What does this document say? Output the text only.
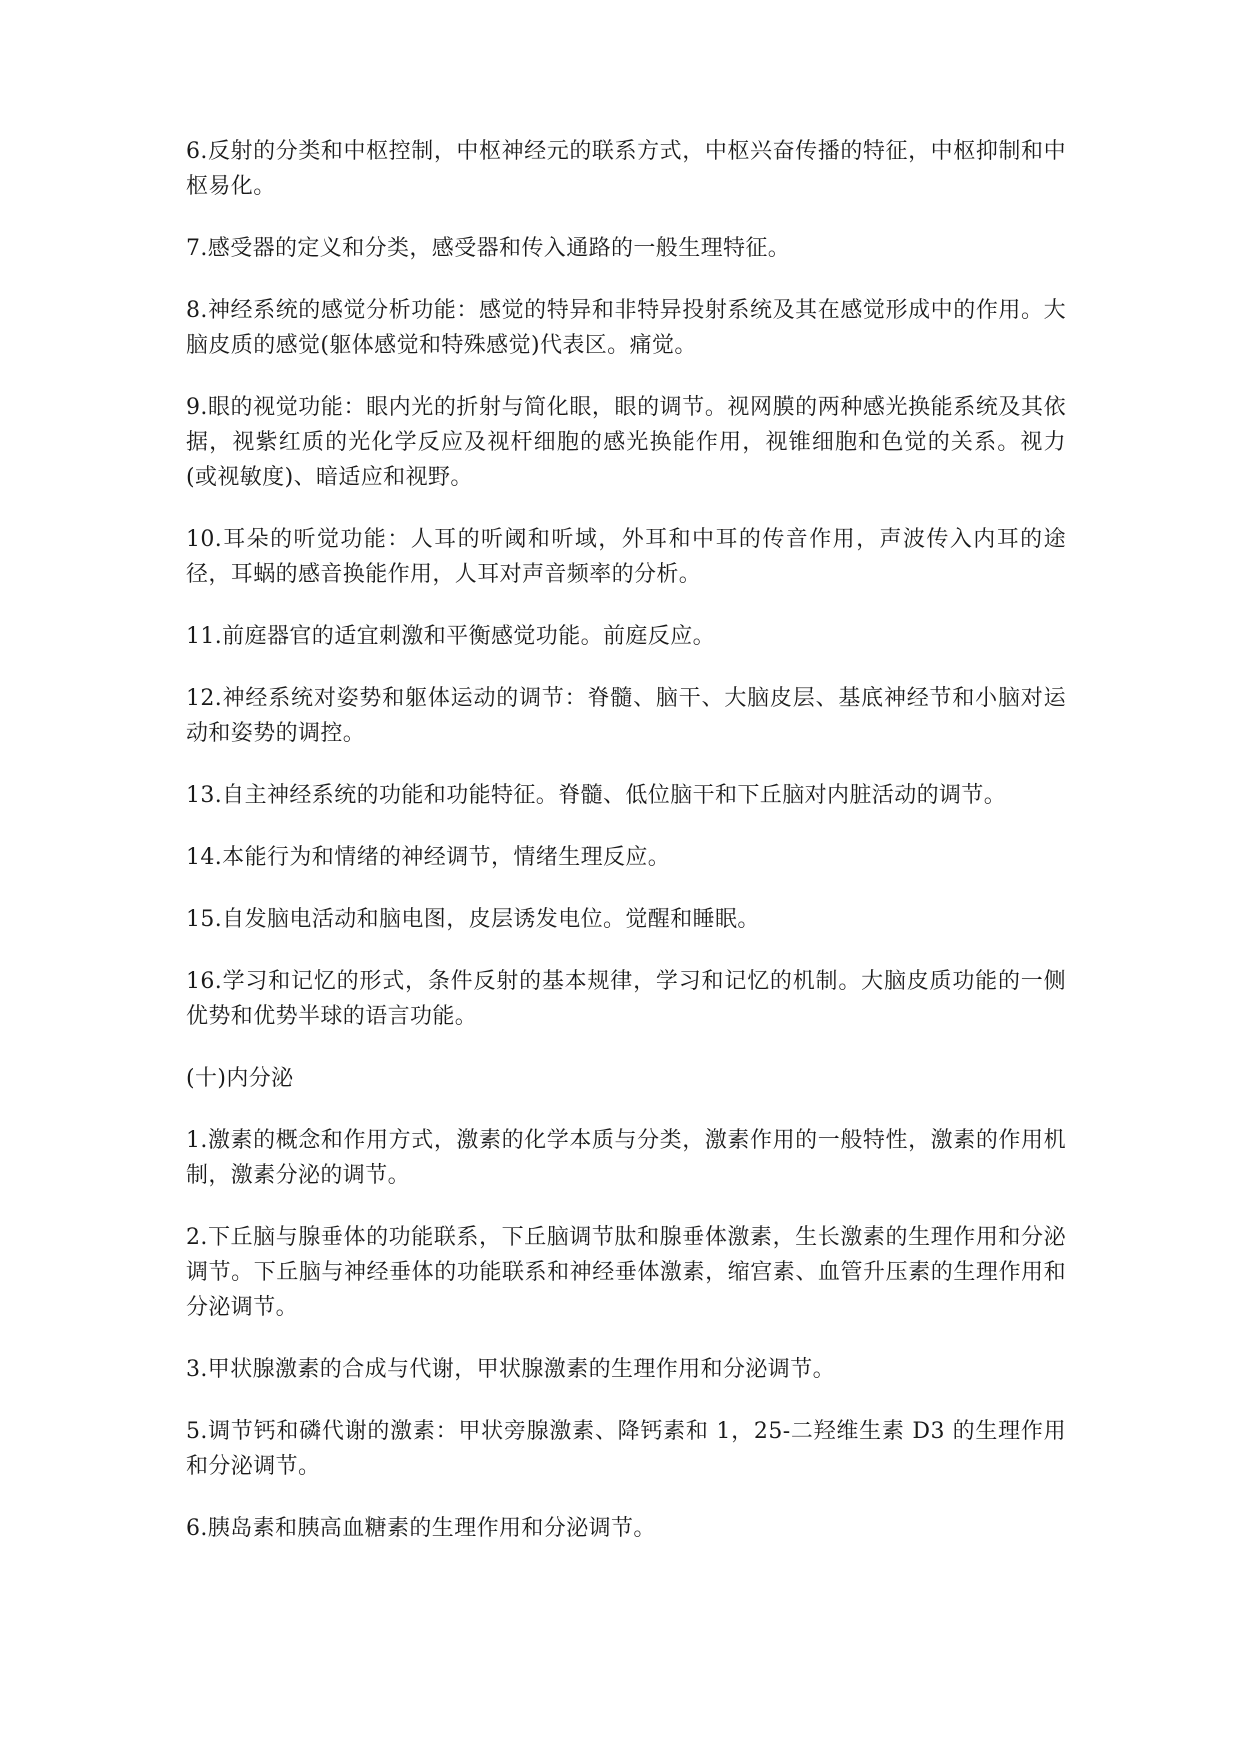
6.反射的分类和中枢控制，中枢神经元的联系方式，中枢兴奋传播的特征，中枢抑制和中枢易化。

7.感受器的定义和分类，感受器和传入通路的一般生理特征。

8.神经系统的感觉分析功能：感觉的特异和非特异投射系统及其在感觉形成中的作用。大脑皮质的感觉(躯体感觉和特殊感觉)代表区。痛觉。

9.眼的视觉功能：眼内光的折射与简化眼，眼的调节。视网膜的两种感光换能系统及其依据，视紫红质的光化学反应及视杆细胞的感光换能作用，视锥细胞和色觉的关系。视力(或视敏度)、暗适应和视野。

10.耳朵的听觉功能：人耳的听阈和听域，外耳和中耳的传音作用，声波传入内耳的途径，耳蜗的感音换能作用，人耳对声音频率的分析。

11.前庭器官的适宜刺激和平衡感觉功能。前庭反应。

12.神经系统对姿势和躯体运动的调节：脊髓、脑干、大脑皮层、基底神经节和小脑对运动和姿势的调控。

13.自主神经系统的功能和功能特征。脊髓、低位脑干和下丘脑对内脏活动的调节。

14.本能行为和情绪的神经调节，情绪生理反应。

15.自发脑电活动和脑电图，皮层诱发电位。觉醒和睡眠。

16.学习和记忆的形式，条件反射的基本规律，学习和记忆的机制。大脑皮质功能的一侧优势和优势半球的语言功能。

(十)内分泌

1.激素的概念和作用方式，激素的化学本质与分类，激素作用的一般特性，激素的作用机制，激素分泌的调节。

2.下丘脑与腺垂体的功能联系，下丘脑调节肽和腺垂体激素，生长激素的生理作用和分泌调节。下丘脑与神经垂体的功能联系和神经垂体激素，缩宫素、血管升压素的生理作用和分泌调节。

3.甲状腺激素的合成与代谢，甲状腺激素的生理作用和分泌调节。

5.调节钙和磷代谢的激素：甲状旁腺激素、降钙素和 1，25-二羟维生素 D3 的生理作用和分泌调节。

6.胰岛素和胰高血糖素的生理作用和分泌调节。
